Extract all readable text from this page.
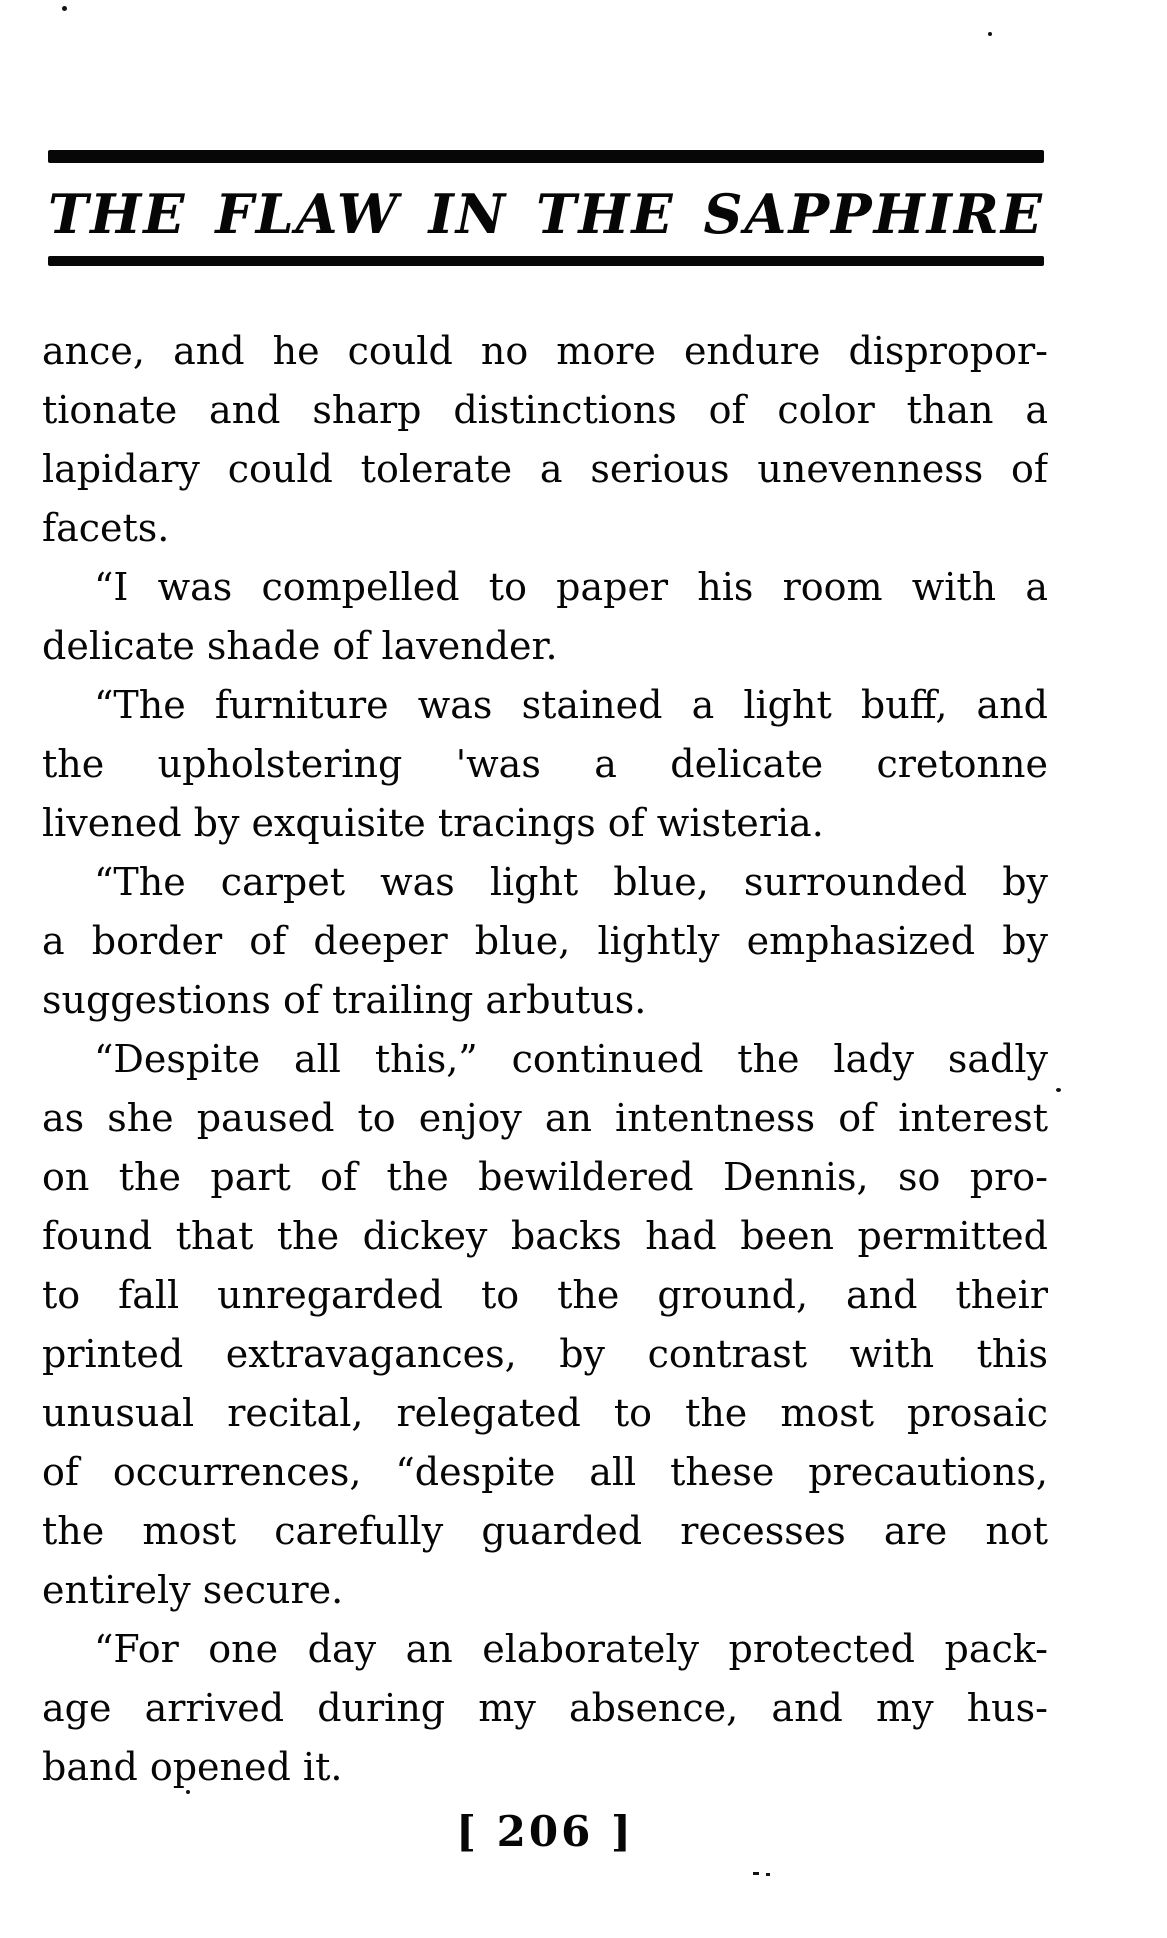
THE FLAW IN THE SAPPHIRE
ance, and he could no more endure dispropor-
tionate and sharp distinctions of color than a
lapidary could tolerate a serious unevenness of
facets.
“I was compelled to paper his room with a
delicate shade of lavender.
“The furniture was stained a light buff, and
the upholstering 'was a delicate cretonne
livened by exquisite tracings of wisteria.
“The carpet was light blue, surrounded by
a border of deeper blue, lightly emphasized by
suggestions of trailing arbutus.
“Despite all this,” continued the lady sadly
as she paused to enjoy an intentness of interest
on the part of the bewildered Dennis, so pro-
found that the dickey backs had been permitted
to fall unregarded to the ground, and their
printed extravagances, by contrast with this
unusual recital, relegated to the most prosaic
of occurrences, “despite all these precautions,
the most carefully guarded recesses are not
entirely secure.
“For one day an elaborately protected pack-
age arrived during my absence, and my hus-
band opened it.
[ 206 ]
